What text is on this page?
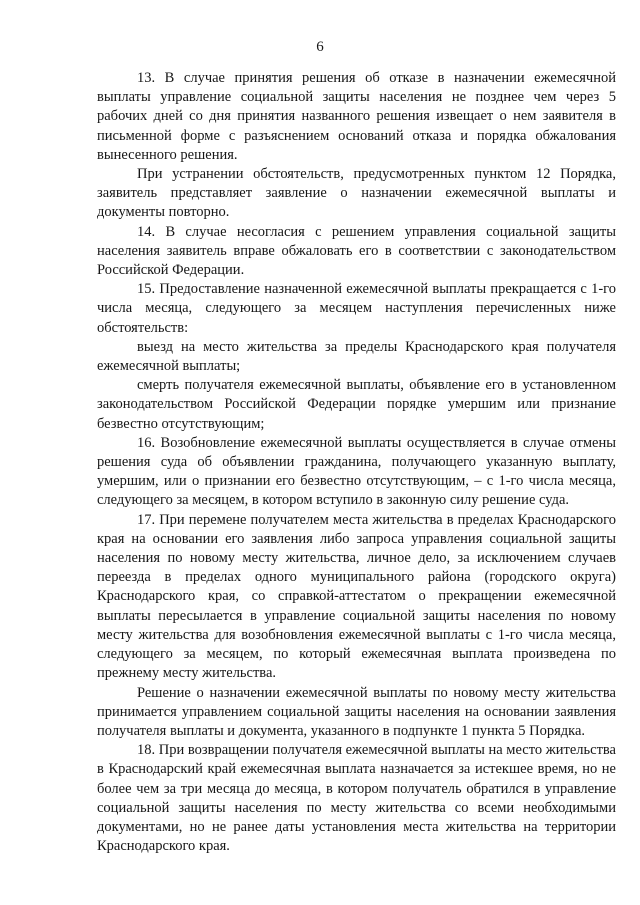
6

13. В случае принятия решения об отказе в назначении ежемесячной выплаты управление социальной защиты населения не позднее чем через 5 рабочих дней со дня принятия названного решения извещает о нем заявителя в письменной форме с разъяснением оснований отказа и порядка обжалования вынесенного решения.

При устранении обстоятельств, предусмотренных пунктом 12 Порядка, заявитель представляет заявление о назначении ежемесячной выплаты и документы повторно.

14. В случае несогласия с решением управления социальной защиты населения заявитель вправе обжаловать его в соответствии с законодательством Российской Федерации.

15. Предоставление назначенной ежемесячной выплаты прекращается с 1-го числа месяца, следующего за месяцем наступления перечисленных ниже обстоятельств:

выезд на место жительства за пределы Краснодарского края получателя ежемесячной выплаты;

смерть получателя ежемесячной выплаты, объявление его в установленном законодательством Российской Федерации порядке умершим или признание безвестно отсутствующим;

16. Возобновление ежемесячной выплаты осуществляется в случае отмены решения суда об объявлении гражданина, получающего указанную выплату, умершим, или о признании его безвестно отсутствующим, – с 1-го числа месяца, следующего за месяцем, в котором вступило в законную силу решение суда.

17. При перемене получателем места жительства в пределах Краснодарского края на основании его заявления либо запроса управления социальной защиты населения по новому месту жительства, личное дело, за исключением случаев переезда в пределах одного муниципального района (городского округа) Краснодарского края, со справкой-аттестатом о прекращении ежемесячной выплаты пересылается в управление социальной защиты населения по новому месту жительства для возобновления ежемесячной выплаты с 1-го числа месяца, следующего за месяцем, по который ежемесячная выплата произведена по прежнему месту жительства.

Решение о назначении ежемесячной выплаты по новому месту жительства принимается управлением социальной защиты населения на основании заявления получателя выплаты и документа, указанного в подпункте 1 пункта 5 Порядка.

18. При возвращении получателя ежемесячной выплаты на место жительства в Краснодарский край ежемесячная выплата назначается за истекшее время, но не более чем за три месяца до месяца, в котором получатель обратился в управление социальной защиты населения по месту жительства со всеми необходимыми документами, но не ранее даты установления места жительства на территории Краснодарского края.
